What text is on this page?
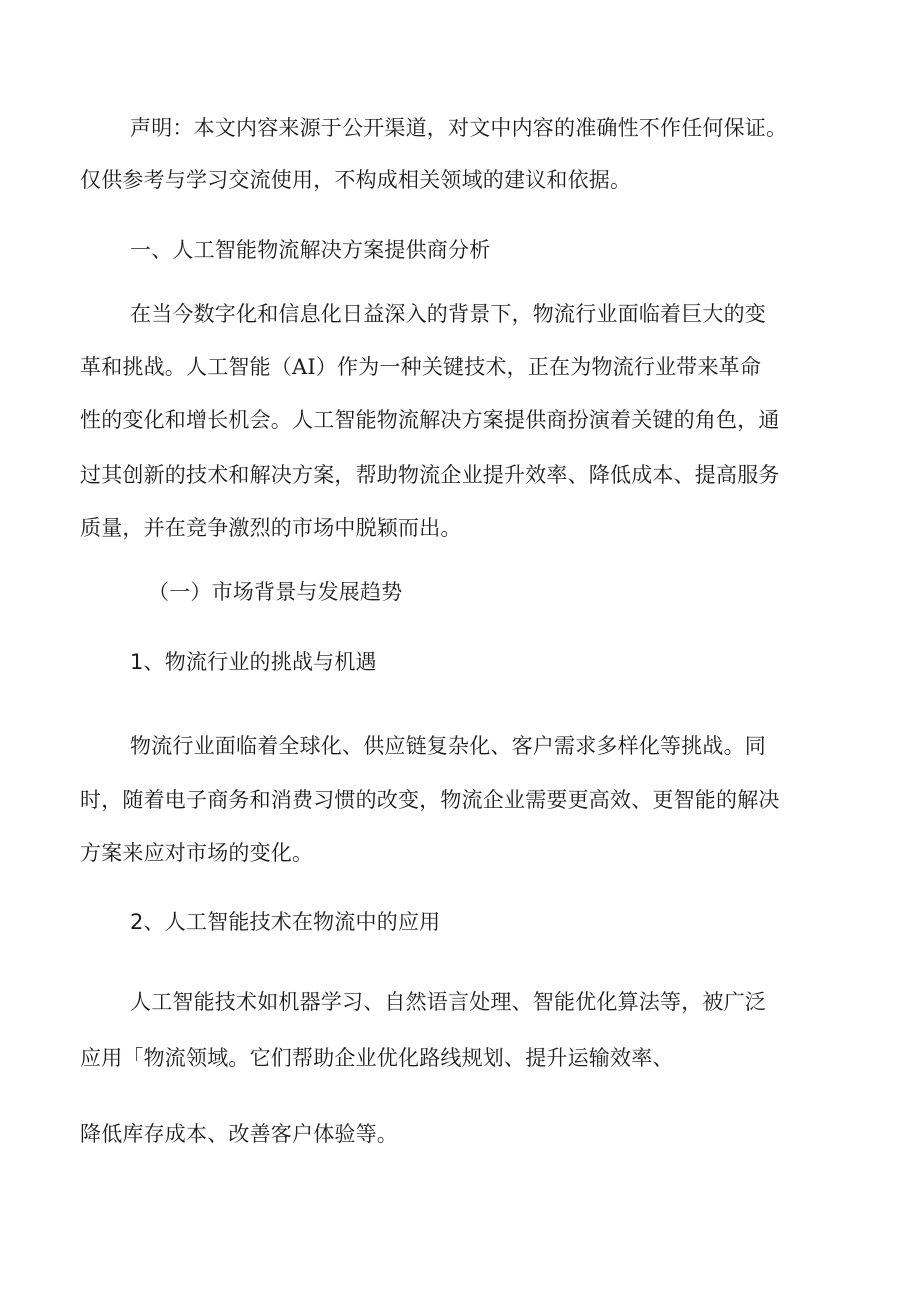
声明：本文内容来源于公开渠道，对文中内容的准确性不作任何保证。
仅供参考与学习交流使用，不构成相关领域的建议和依据。
一、人工智能物流解决方案提供商分析
在当今数字化和信息化日益深入的背景下，物流行业面临着巨大的变
革和挑战。人工智能（AI）作为一种关键技术，正在为物流行业带来革命
性的变化和增长机会。人工智能物流解决方案提供商扮演着关键的角色，通
过其创新的技术和解决方案，帮助物流企业提升效率、降低成本、提高服务
质量，并在竞争激烈的市场中脱颖而出。
（一）市场背景与发展趋势
1、物流行业的挑战与机遇
物流行业面临着全球化、供应链复杂化、客户需求多样化等挑战。同
时，随着电子商务和消费习惯的改变，物流企业需要更高效、更智能的解决
方案来应对市场的变化。
2、人工智能技术在物流中的应用
人工智能技术如机器学习、自然语言处理、智能优化算法等，被广泛
应用「物流领域。它们帮助企业优化路线规划、提升运输效率、
降低库存成本、改善客户体验等。
